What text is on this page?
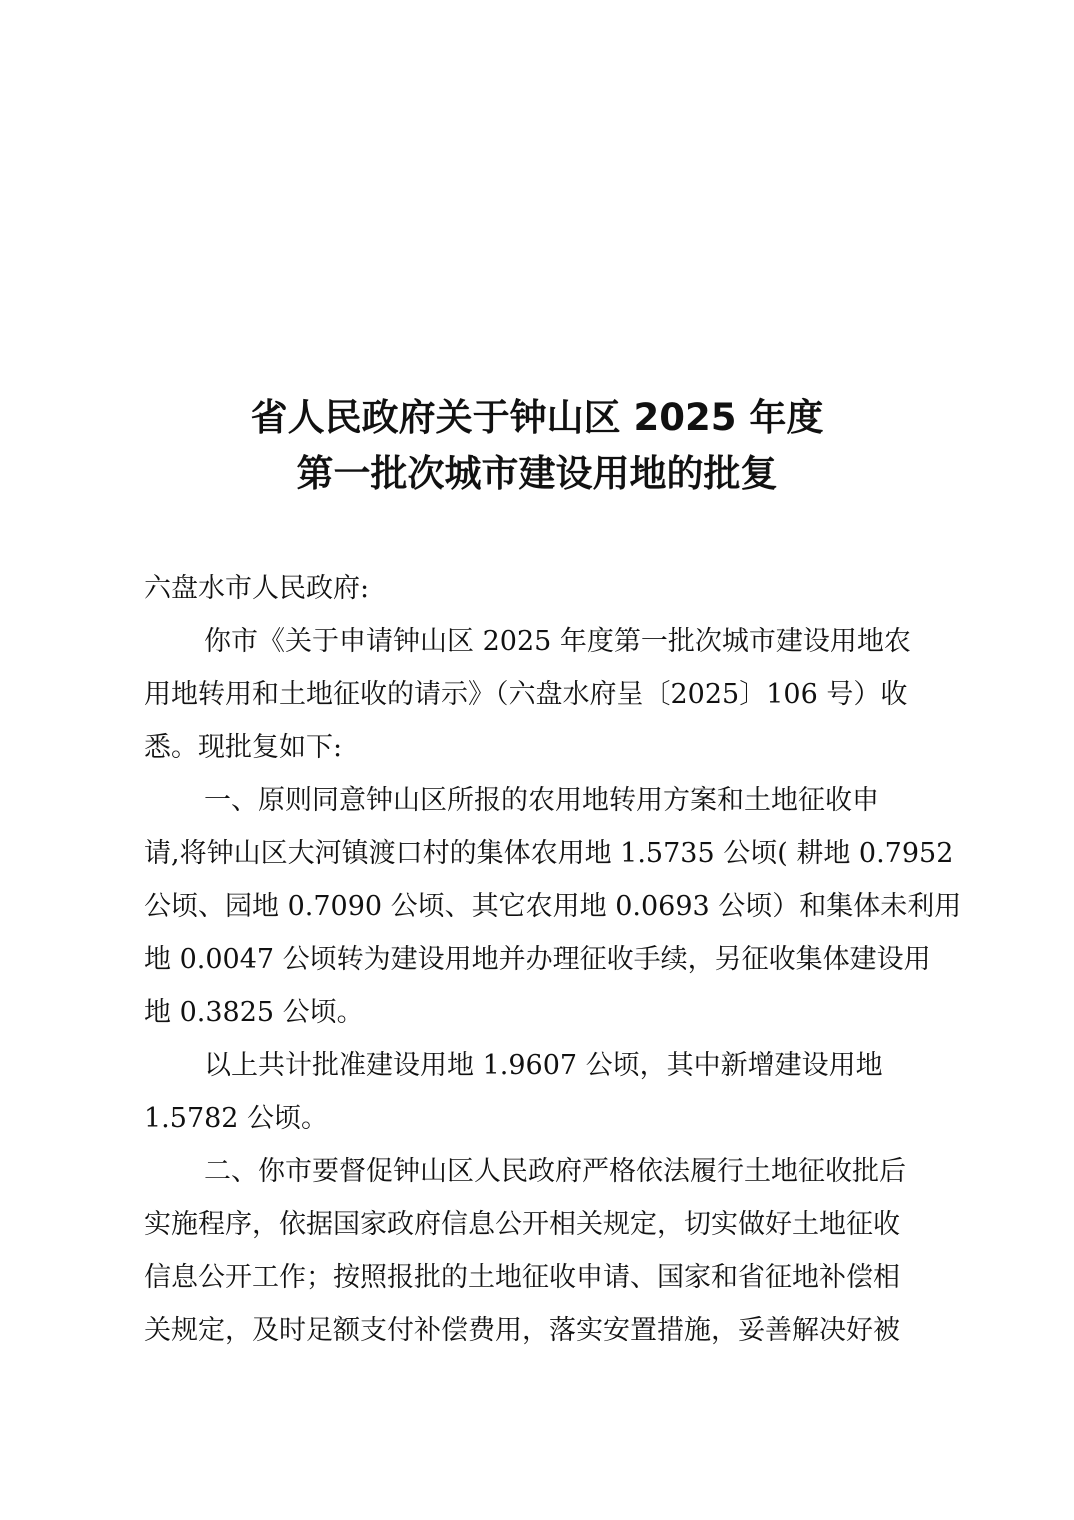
省人民政府关于钟山区 2025 年度
第一批次城市建设用地的批复
六盘水市人民政府:
你市《关于申请钟山区 2025 年度第一批次城市建设用地农
用地转用和土地征收的请示》（六盘水府呈〔2025〕106 号）收
悉。现批复如下:
一、原则同意钟山区所报的农用地转用方案和土地征收申
请,将钟山区大河镇渡口村的集体农用地 1.5735 公顷( 耕地 0.7952
公顷、园地 0.7090 公顷、其它农用地 0.0693 公顷）和集体未利用
地 0.0047 公顷转为建设用地并办理征收手续，另征收集体建设用
地 0.3825 公顷。
以上共计批准建设用地 1.9607 公顷，其中新增建设用地
1.5782 公顷。
二、你市要督促钟山区人民政府严格依法履行土地征收批后
实施程序，依据国家政府信息公开相关规定，切实做好土地征收
信息公开工作；按照报批的土地征收申请、国家和省征地补偿相
关规定，及时足额支付补偿费用，落实安置措施，妥善解决好被
